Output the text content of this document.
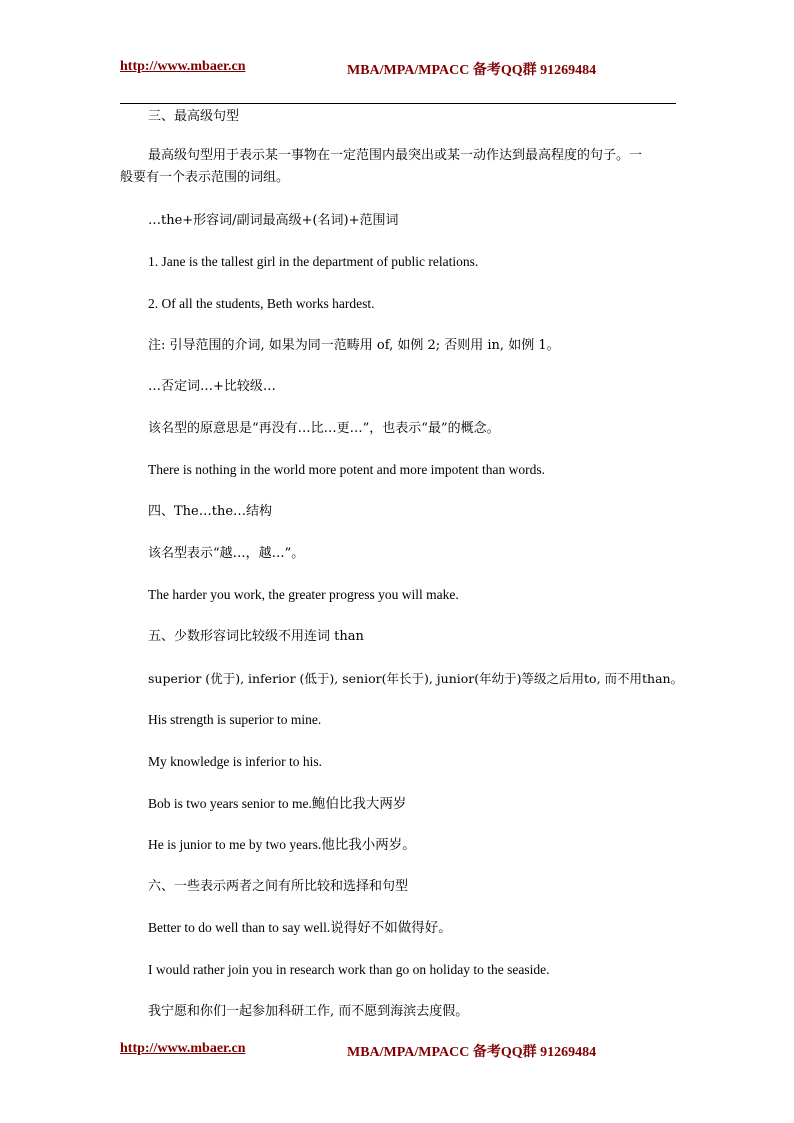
http://www.mbaer.cn	MBA/MPA/MPACC 备考QQ群 91269484
三、最高级句型
最高级句型用于表示某一事物在一定范围内最突出或某一动作达到最高程度的句子。一般要有一个表示范围的词组。
…the+形容词/副词最高级+(名词)+范围词
1. Jane is the tallest girl in the department of public relations.
2. Of all the students, Beth works hardest.
注: 引导范围的介词, 如果为同一范畴用 of, 如例 2; 否则用 in, 如例 1。
…否定词…+比较级…
该名型的原意思是“再没有…比…更…”，也表示“最”的概念。
There is nothing in the world more potent and more impotent than words.
四、The…the…结构
该名型表示“越…，越…”。
The harder you work, the greater progress you will make.
五、少数形容词比较级不用连词 than
superior (优于), inferior (低于), senior(年长于), junior(年幼于)等级之后用to, 而不用than。
His strength is superior to mine.
My knowledge is inferior to his.
Bob is two years senior to me.鲍伯比我大两岁
He is junior to me by two years.他比我小两岁。
六、一些表示两者之间有所比较和选择和句型
Better to do well than to say well.说得好不如做得好。
I would rather join you in research work than go on holiday to the seaside.
我宁愿和你们一起参加科研工作, 而不愿到海滨去度假。
http://www.mbaer.cn	MBA/MPA/MPACC 备考QQ群 91269484
